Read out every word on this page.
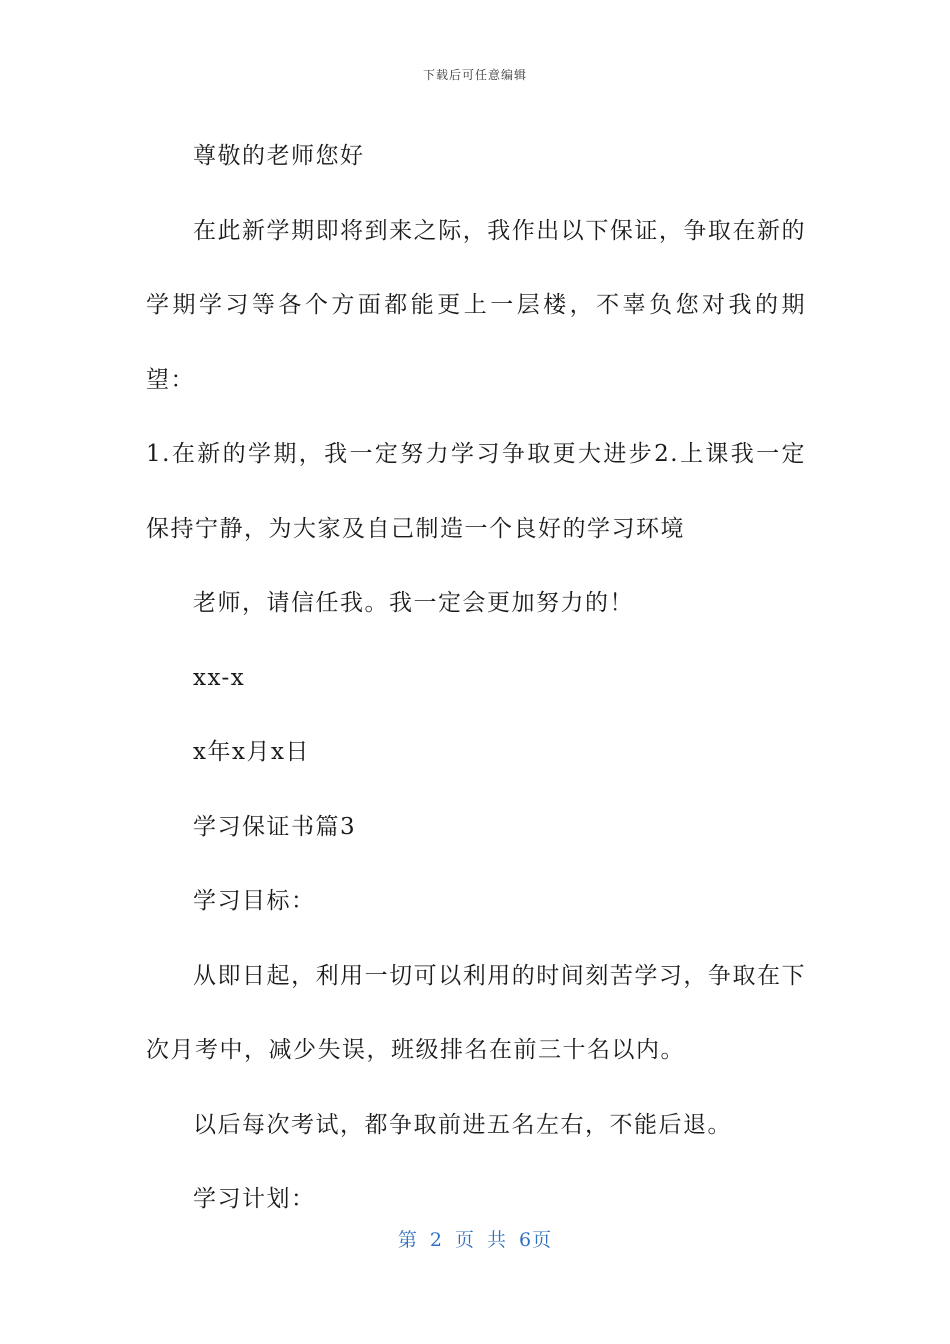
下载后可任意编辑

尊敬的老师您好

在此新学期即将到来之际，我作出以下保证，争取在新的学期学习等各个方面都能更上一层楼，不辜负您对我的期望：

1.在新的学期，我一定努力学习争取更大进步2.上课我一定保持宁静，为大家及自己制造一个良好的学习环境

老师，请信任我。我一定会更加努力的！

xx-x

x年x月x日

学习保证书篇3

学习目标：

从即日起，利用一切可以利用的时间刻苦学习，争取在下次月考中，减少失误，班级排名在前三十名以内。

以后每次考试，都争取前进五名左右，不能后退。

学习计划：

第 2 页 共 6页
